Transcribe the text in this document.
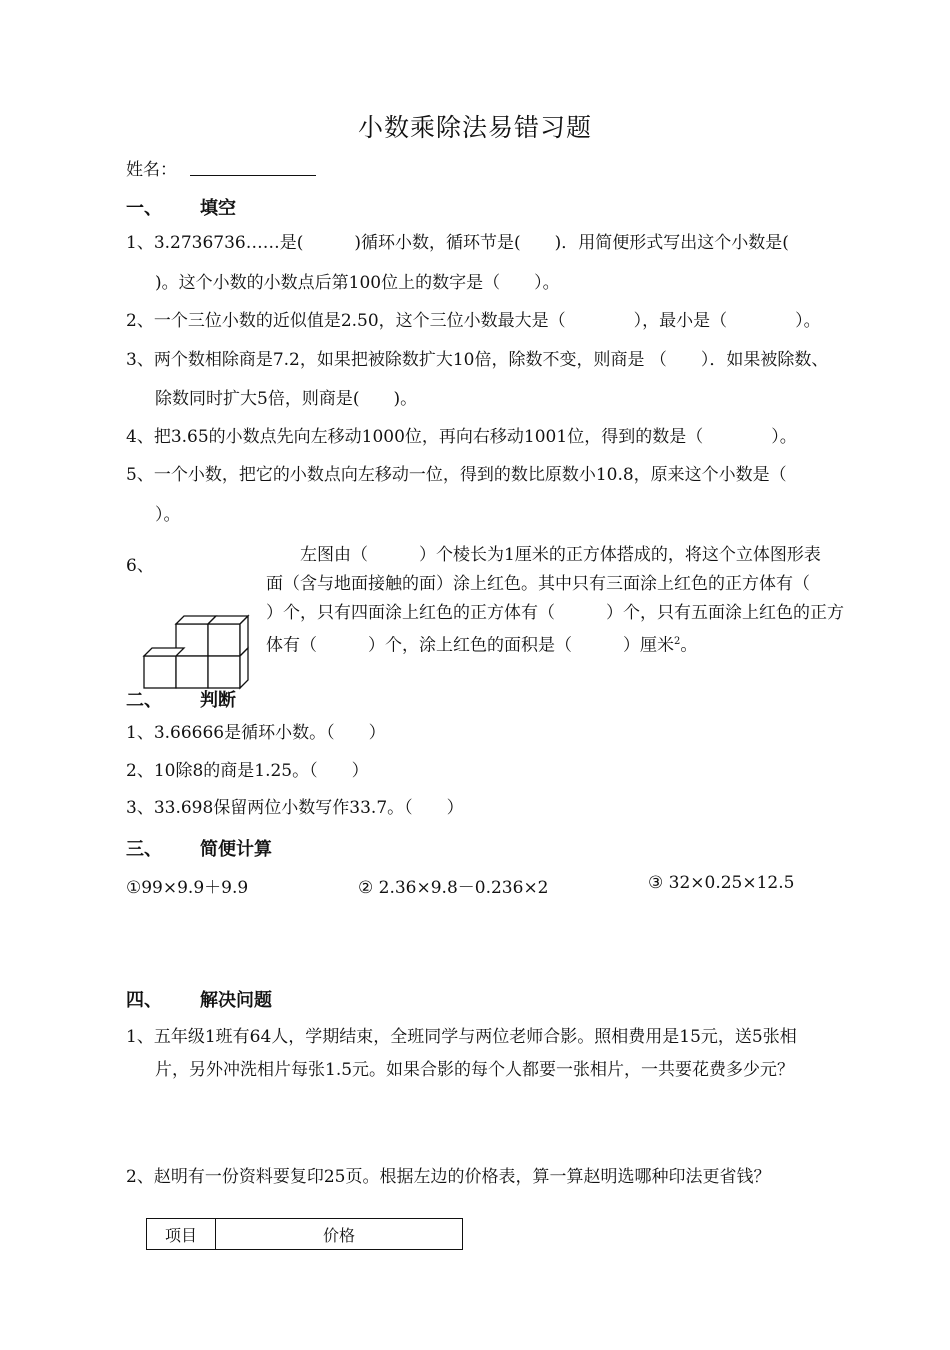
小数乘除法易错习题
姓名：
一、 填空
1、3.2736736……是(　　　)循环小数，循环节是(　　)．用简便形式写出这个小数是(
)。这个小数的小数点后第100位上的数字是（　　）。
2、一个三位小数的近似值是2.50，这个三位小数最大是（　　　　），最小是（　　　　）。
3、两个数相除商是7.2，如果把被除数扩大10倍，除数不变，则商是 （　　）．如果被除数、
除数同时扩大5倍，则商是(　　)。
4、把3.65的小数点先向左移动1000位，再向右移动1001位，得到的数是（　　　　）。
5、一个小数，把它的小数点向左移动一位，得到的数比原数小10.8，原来这个小数是（
）。
6、
　　左图由（　　　）个棱长为1厘米的正方体搭成的，将这个立体图形表
面（含与地面接触的面）涂上红色。其中只有三面涂上红色的正方体有（
）个，只有四面涂上红色的正方体有（　　　）个，只有五面涂上红色的正方
体有（　　　）个，涂上红色的面积是（　　　）厘米$^2$。
二、 判断
1、3.66666是循环小数。（　　）
2、10除8的商是1.25。（　　）
3、33.698保留两位小数写作33.7。（　　）
三、 简便计算
①99×9.9＋9.9	② 2.36×9.8－0.236×2	③ 32×0.25×12.5
四、 解决问题
1、五年级1班有64人，学期结束，全班同学与两位老师合影。照相费用是15元，送5张相
片，另外冲洗相片每张1.5元。如果合影的每个人都要一张相片，一共要花费多少元？
2、赵明有一份资料要复印25页。根据左边的价格表，算一算赵明选哪种印法更省钱？
项目	价格
